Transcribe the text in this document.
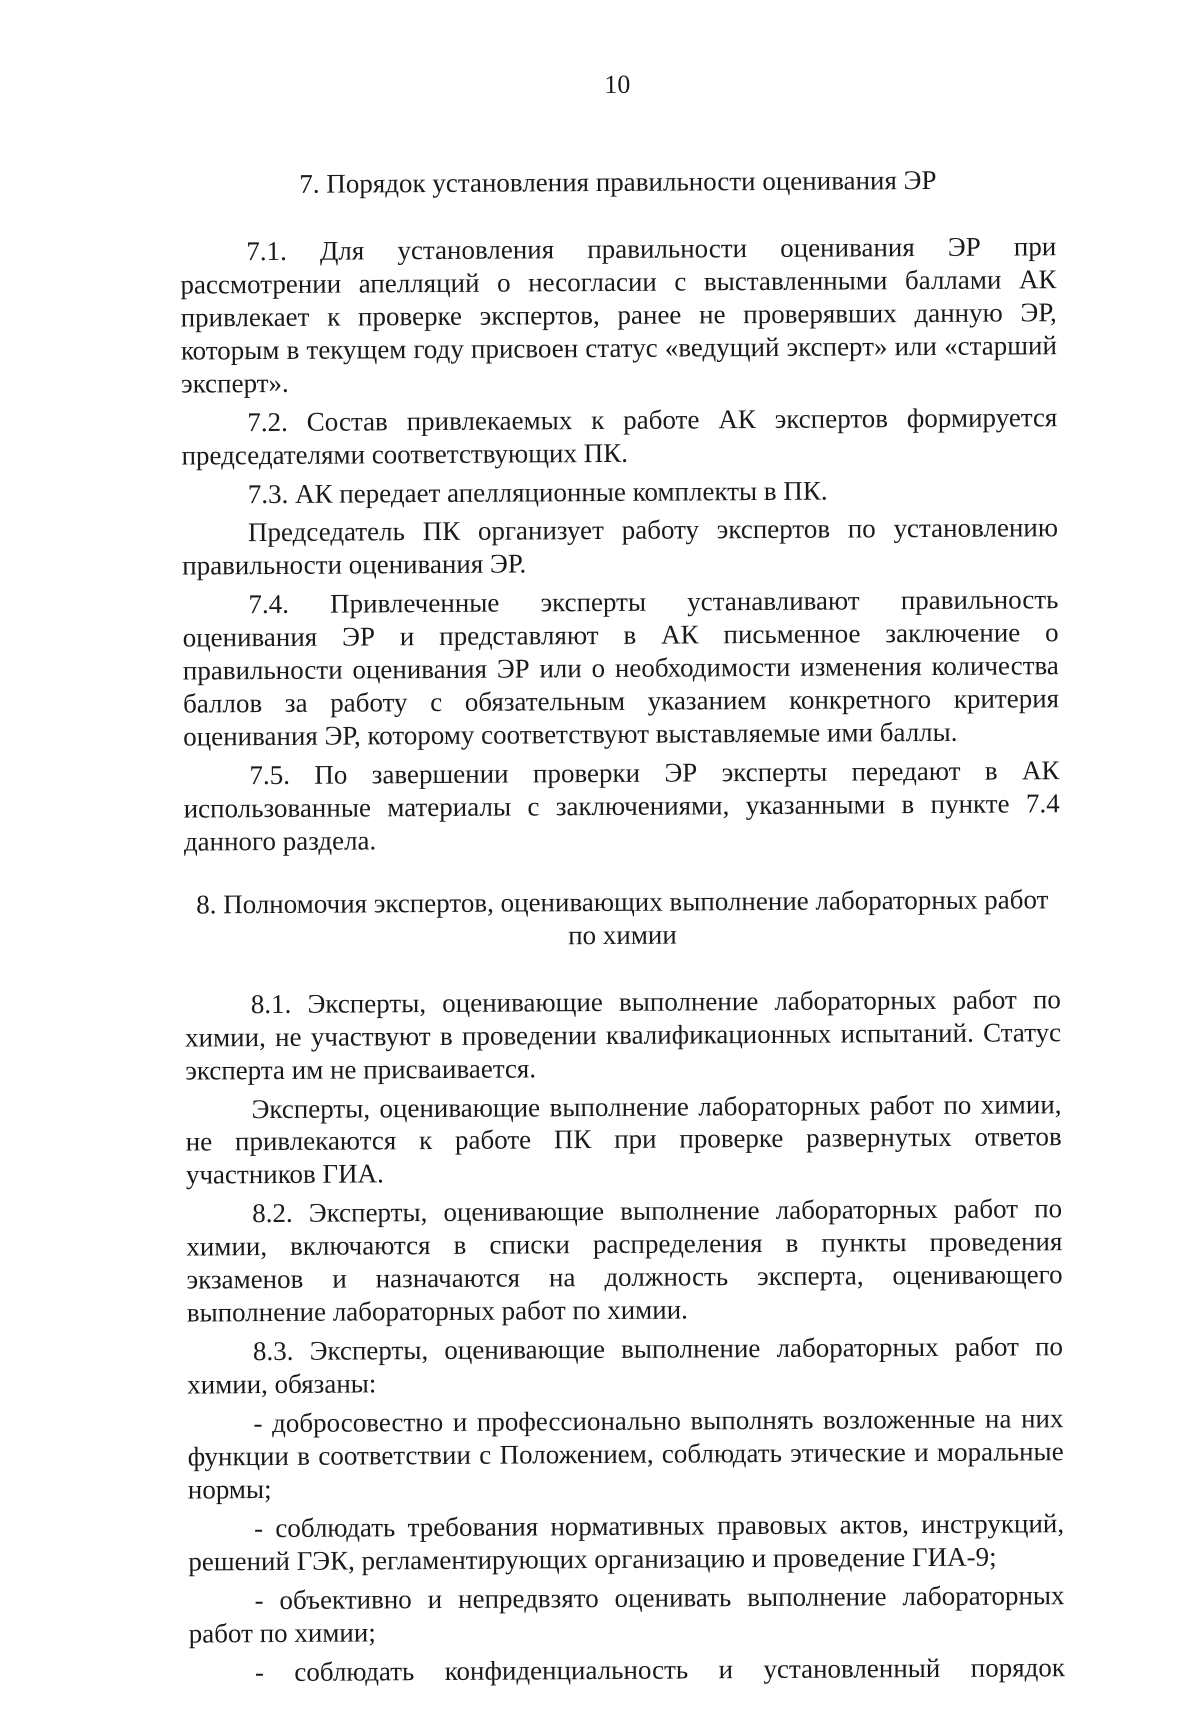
10
7. Порядок установления правильности оценивания ЭР

7.1. Для установления правильности оценивания ЭР при рассмотрении апелляций о несогласии с выставленными баллами АК привлекает к проверке экспертов, ранее не проверявших данную ЭР, которым в текущем году присвоен статус «ведущий эксперт» или «старший эксперт».

7.2. Состав привлекаемых к работе АК экспертов формируется председателями соответствующих ПК.

7.3. АК передает апелляционные комплекты в ПК.

Председатель ПК организует работу экспертов по установлению правильности оценивания ЭР.

7.4. Привлеченные эксперты устанавливают правильность оценивания ЭР и представляют в АК письменное заключение о правильности оценивания ЭР или о необходимости изменения количества баллов за работу с обязательным указанием конкретного критерия оценивания ЭР, которому соответствуют выставляемые ими баллы.

7.5. По завершении проверки ЭР эксперты передают в АК использованные материалы с заключениями, указанными в пункте 7.4 данного раздела.

8. Полномочия экспертов, оценивающих выполнение лабораторных работ
по химии

8.1. Эксперты, оценивающие выполнение лабораторных работ по химии, не участвуют в проведении квалификационных испытаний. Статус эксперта им не присваивается.

Эксперты, оценивающие выполнение лабораторных работ по химии, не привлекаются к работе ПК при проверке развернутых ответов участников ГИА.

8.2. Эксперты, оценивающие выполнение лабораторных работ по химии, включаются в списки распределения в пункты проведения экзаменов и назначаются на должность эксперта, оценивающего выполнение лабораторных работ по химии.

8.3. Эксперты, оценивающие выполнение лабораторных работ по химии, обязаны:

- добросовестно и профессионально выполнять возложенные на них функции в соответствии с Положением, соблюдать этические и моральные нормы;

- соблюдать требования нормативных правовых актов, инструкций, решений ГЭК, регламентирующих организацию и проведение ГИА-9;

- объективно и непредвзято оценивать выполнение лабораторных работ по химии;

- соблюдать конфиденциальность и установленный порядок
